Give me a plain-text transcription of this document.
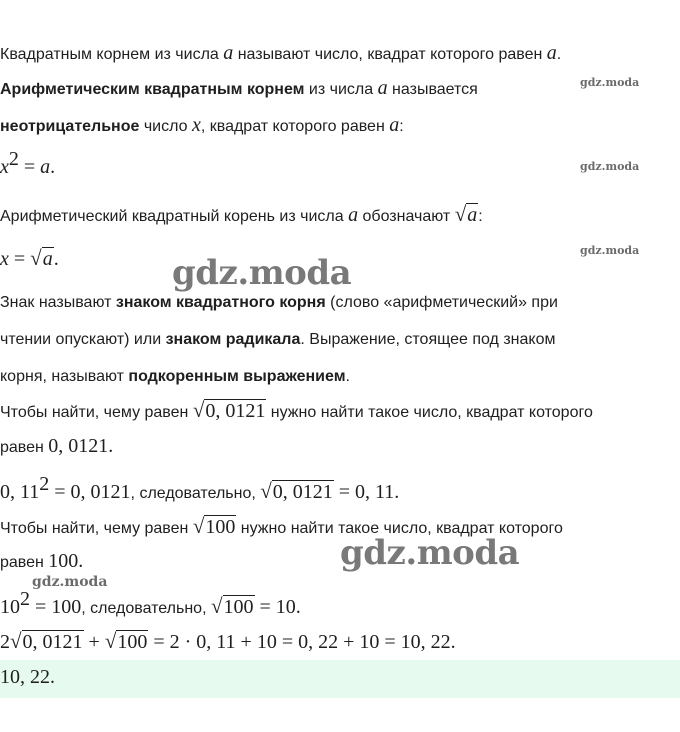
Квадратным корнем из числа a называют число, квадрат которого равен a.
Арифметическим квадратным корнем из числа a называется
неотрицательное число x, квадрат которого равен a:
$x^2 = a$.
Арифметический квадратный корень из числа a обозначают √a:
x = √a.
Знак называют знаком квадратного корня (слово «арифметический» при
чтении опускают) или знаком радикала. Выражение, стоящее под знаком
корня, называют подкоренным выражением.
Чтобы найти, чему равен √0, 0121 нужно найти такое число, квадрат которого
равен 0, 0121.
0, $11^2 = 0$, 0121, следовательно, √0, 0121 = 0, 11.
Чтобы найти, чему равен √100 нужно найти такое число, квадрат которого
равен 100.
$10^2 = 100$, следовательно, √100 = 10.
2√0, 0121 + √100 = 2 · 0, 11 + 10 = 0, 22 + 10 = 10, 22.
10, 22.
gdz.moda
gdz.moda
gdz.moda
gdz.moda
gdz.moda
gdz.moda
